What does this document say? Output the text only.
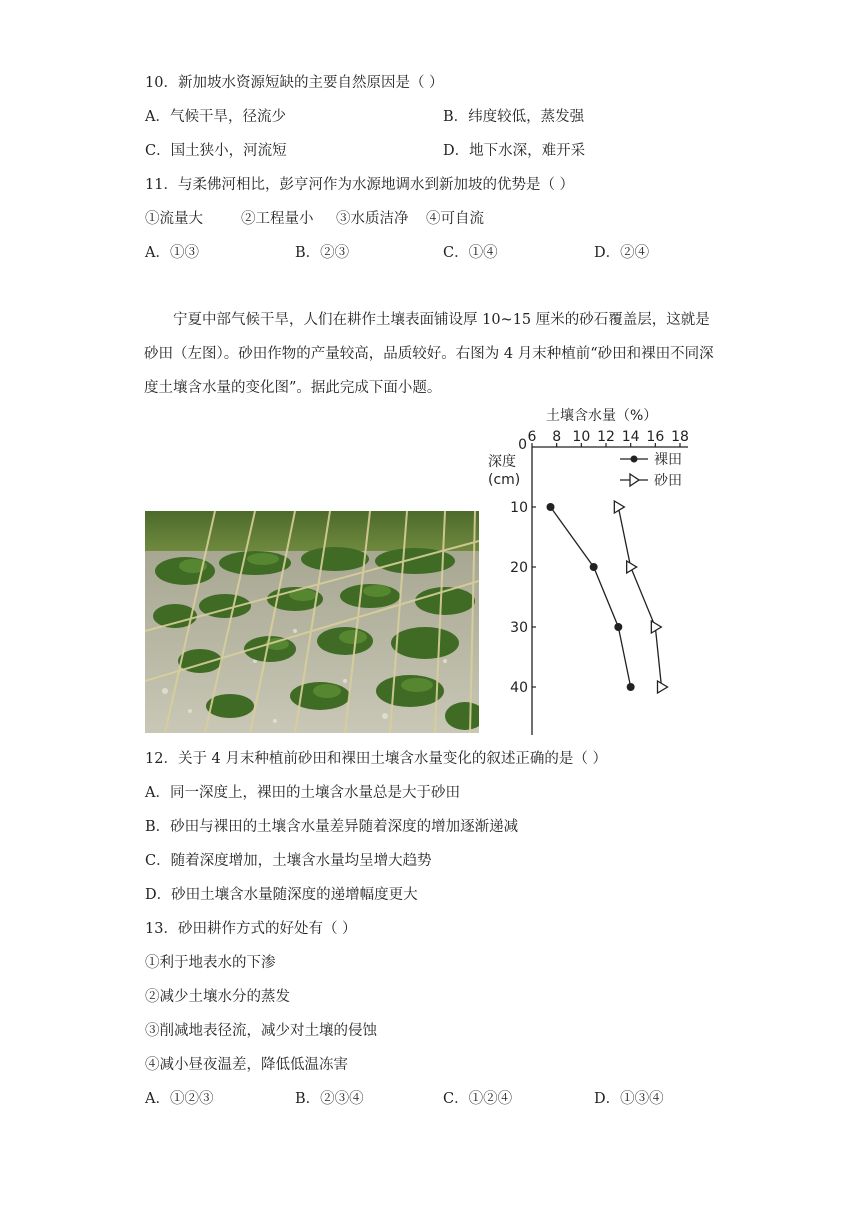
10．新加坡水资源短缺的主要自然原因是（ ）
A．气候干旱，径流少	B．纬度较低，蒸发强
C．国土狭小，河流短	D．地下水深，难开采
11．与柔佛河相比，彭亨河作为水源地调水到新加坡的优势是（ ）
①流量大	②工程量小 ③水质洁净 ④可自流
A．①③	B．②③	C．①④	D．②④
宁夏中部气候干旱，人们在耕作土壤表面铺设厚 10~15 厘米的砂石覆盖层，这就是砂田（左图）。砂田作物的产量较高，品质较好。右图为 4 月末种植前“砂田和裸田不同深度土壤含水量的变化图”。据此完成下面小题。
土壤含水量（%）
6 8 10 12 14 16 18
0
10
20
30
40
深度
(cm)
裸田
砂田
12．关于 4 月末种植前砂田和裸田土壤含水量变化的叙述正确的是（ ）
A．同一深度上，裸田的土壤含水量总是大于砂田
B．砂田与裸田的土壤含水量差异随着深度的增加逐渐递减
C．随着深度增加，土壤含水量均呈增大趋势
D．砂田土壤含水量随深度的递增幅度更大
13．砂田耕作方式的好处有（ ）
①利于地表水的下渗
②减少土壤水分的蒸发
③削减地表径流，减少对土壤的侵蚀
④减小昼夜温差，降低低温冻害
A．①②③	B．②③④	C．①②④	D．①③④
